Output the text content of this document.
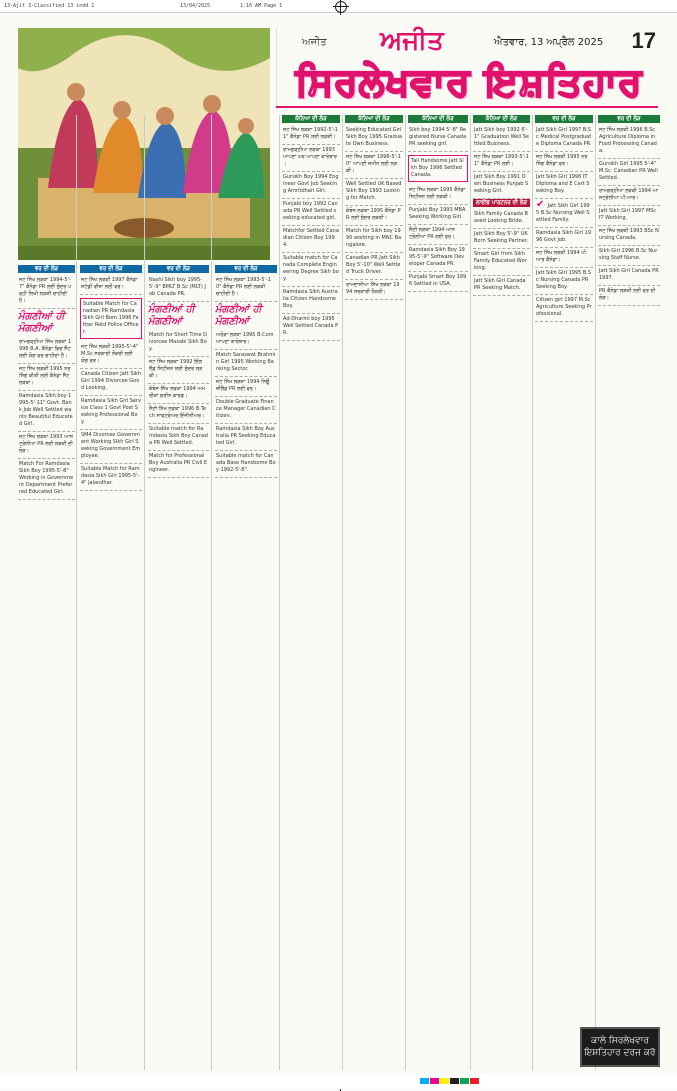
13-Ajit 3-Classified 13 indd 1	13/04/2025	1:16 AM Page 1
ਅਜੀਤ ਅਜੀਤ	ਐਤਵਾਰ, 13 ਅਪ੍ਰੈਲ 2025 17
ਸਿਰਲੇਖਵਾਰ ਇਸ਼ਤਿਹਾਰ
ਵਰ ਦੀ ਲੋੜ
ਜਟ ਸਿੱਖ ਲੜਕਾ 1994-5'-7" ਕੈਨੇਡਾ PR ਲਈ ਸੁੰਦਰ ਪੜ੍ਹੀ ਲਿਖੀ ਲੜਕੀ ਚਾਹੀਦੀ ਹੈ।
ਮੰਗਣੀਆਂ ਹੀ ਮੰਗਣੀਆਂ
ਰਾਮਗੜ੍ਹੀਆ ਸਿੱਖ ਲੜਕਾ 1996 B.A. ਕੈਨੇਡਾ ਵਿਚ ਸੈੱਟ ਲਈ ਯੋਗ ਵਰ ਚਾਹੀਦਾ ਹੈ।
ਜਟ ਸਿੱਖ ਲੜਕੀ 1995 ਨਰਸਿੰਗ ਕੀਤੀ ਲਈ ਕੈਨੇਡਾ ਸੈੱਟ ਲੜਕਾ।
Ramdasia Sikh boy 1995-5'-11" Govt. Bank Job Well Settled wants Beautiful Educated Girl.
ਜਟ ਸਿੱਖ ਲੜਕਾ 1993 ਆਸਟ੍ਰੇਲੀਆ PR ਲਈ ਲੜਕੀ ਦੀ ਲੋੜ।
Match For Ramdasia Sikh Boy 1995-5'-8" Working in Government Department Preferred Educated Girl.
ਵਰ ਦੀ ਲੋੜ
ਜਟ ਸਿੱਖ ਲੜਕੀ 1997 ਕੈਨੇਡਾ ਸਟੱਡੀ ਵੀਜ਼ਾ ਲਈ ਵਰ।
Suitable Match for Canadian PR Ramdasia Sikh Girl Born 1996 Father Retd Police Officer.
ਜਟ ਸਿੱਖ ਲੜਕੀ 1995-5'-4" M.Sc ਸਰਕਾਰੀ ਨੌਕਰੀ ਲਈ ਯੋਗ ਵਰ।
Canada Citizen Jatt Sikh Girl 1994 Divorcee Good Looking.
Ramdasia Sikh Girl Service Class 1 Govt Post Seeking Professional Boy.
SM4 Divorcee Government Working Sikh Girl Seeking Government Employee.
Suitable Match for Ramdasia Sikh Girl 1995-5'-4" Jalandhar.
ਵਰ ਦੀ ਲੋੜ
Nashi Sikh boy 1995-5'-9" BMLT B.Sc (MLT) Job Canada PR.
ਮੰਗਣੀਆਂ ਹੀ ਮੰਗਣੀਆਂ
Match for Short Time Divorcee Mazabi Sikh Boy.
ਜਟ ਸਿੱਖ ਲੜਕਾ 1992 ਇੰਗਲੈਂਡ ਸਿਟੀਜ਼ਨ ਲਈ ਸੁੰਦਰ ਲੜਕੀ।
ਕੰਬੋਜ ਸਿੱਖ ਲੜਕਾ 1994 ਅਮਰੀਕਾ ਗਰੀਨ ਕਾਰਡ।
ਸੈਣੀ ਸਿੱਖ ਲੜਕਾ 1996 B.Tech ਸਾਫਟਵੇਅਰ ਇੰਜੀਨੀਅਰ।
Suitable match for Ramdasia Sikh Boy Canada PR Well Settled.
Match for Professional Boy Australia PR Civil Engineer.
ਵਰ ਦੀ ਲੋੜ
ਜਟ ਸਿੱਖ ਲੜਕਾ 1993-5'-10" ਕੈਨੇਡਾ PR ਲਈ ਲੜਕੀ ਚਾਹੀਦੀ ਹੈ।
ਮੰਗਣੀਆਂ ਹੀ ਮੰਗਣੀਆਂ
ਅਰੋੜਾ ਲੜਕਾ 1995 B.Com ਆਪਣਾ ਕਾਰੋਬਾਰ।
Match Saraswat Brahmin Girl 1995 Working Banking Sector.
ਜਟ ਸਿੱਖ ਲੜਕਾ 1994 ਨਿਊਜ਼ੀਲੈਂਡ PR ਲਈ ਵਰ।
Double Graduate Finance Manager Canadian Citizen.
Ramdasia Sikh Boy Australia PR Seeking Educated Girl.
Suitable match for Canada Base Handsome Boy 1992-5'-8".
ਕੰਨਿਆ ਦੀ ਲੋੜ
ਜਟ ਸਿੱਖ ਲੜਕਾ 1992-5'-11" ਕੈਨੇਡਾ PR ਲਈ ਲੜਕੀ।
ਰਾਮਗੜ੍ਹੀਆ ਲੜਕਾ 1993 ਆਪਣਾ ਘਰ ਆਪਣਾ ਕਾਰੋਬਾਰ।
Gursikh Boy 1994 Engineer Govt Job Seeking Amritdhari Girl.
Punjabi boy 1992 Canada PR Well Settled seeking educated girl.
Matchfor Settled Canadian Citizen Boy 1994.
Suitable match for Canada Complete Engineering Degree Sikh boy.
Ramdasia Sikh Australia Citizen Handsome Boy.
Ad-Dharmi boy 1995 Well Settled Canada PR.
ਕੰਨਿਆ ਦੀ ਲੋੜ
Seeking Educated Girl Sikh Boy 1995 Graduate Own Business.
ਜਟ ਸਿੱਖ ਲੜਕਾ 1996-5'-10" ਆਪਣੀ ਜ਼ਮੀਨ ਲਈ ਲੜਕੀ।
Well Settled UK Based Sikh Boy 1993 Looking for Match.
ਕੰਬੋਜ ਲੜਕਾ 1995 ਕੈਨੇਡਾ PR ਲਈ ਸੁੰਦਰ ਲੜਕੀ।
Match for Sikh boy 1990 working in MNC Bangalore.
Canadian PR Jatt Sikh Boy 5'-10" Well Settled Truck Driver.
ਰਾਮਦਾਸੀਆ ਸਿੱਖ ਲੜਕਾ 1994 ਸਰਕਾਰੀ ਨੌਕਰੀ।
ਕੰਨਿਆ ਦੀ ਲੋੜ
Sikh boy 1994 5'-8" Registered Nurse Canada PR seeking girl.
Tall Handsome Jatt Sikh Boy 1996 Settled Canada.
ਜਟ ਸਿੱਖ ਲੜਕਾ 1995 ਕੈਨੇਡਾ ਸਿਟੀਜ਼ਨ ਲਈ ਲੜਕੀ।
Punjabi Boy 1993 MBA Seeking Working Girl.
ਸੈਣੀ ਲੜਕਾ 1994 ਆਸਟ੍ਰੇਲੀਆ PR ਲਈ ਵਰ।
Ramdasia Sikh Boy 1995-5'-9" Software Developer Canada PR.
Punjabi Smart Boy 1996 Settled in USA.
ਕੰਨਿਆ ਦੀ ਲੋੜ
Jatt Sikh boy 1992 6'-1" Graduation Well Settled Business.
ਜਟ ਸਿੱਖ ਲੜਕਾ 1993-5'-11" ਕੈਨੇਡਾ PR ਲਈ।
Jatt Sikh Boy 1991 Own Business Punjab Seeking Girl.
ਲਾਈਫ ਪਾਰਟਨਰ ਦੀ ਲੋੜ
Sikh Family Canada Based Looking Bride.
Jatt Sikh Boy 5'-9" UK Born Seeking Partner.
Smart Girl from Sikh Family Educated Working.
Jatt Sikh Girl Canada PR Seeking Match.
ਵਰ ਦੀ ਲੋੜ
Jatt Sikh Girl 1997 B.Sc Medical Postgraduate Diploma Canada PR.
ਜਟ ਸਿੱਖ ਲੜਕੀ 1995 ਨਰਸਿੰਗ ਕੈਨੇਡਾ ਵਰ।
Jatt Sikh Girl 1996 IT Diploma and E Cert Seeking Boy.
✔ Jatt Sikh Girl 1995 B.Sc Nursing Well Settled Family.
Ramdasia Sikh Girl 1996 Govt Job.
ਜਟ ਸਿੱਖ ਲੜਕੀ 1994 ਪੀ.ਆਰ ਕੈਨੇਡਾ।
Jatt Sikh Girl 1995 B.Sc Nursing Canada PR Seeking Boy.
Citizen girl 1997 M.Sc Agriculture Seeking Professional.
ਵਰ ਦੀ ਲੋੜ
ਜਟ ਸਿੱਖ ਲੜਕੀ 1996 B.Sc Agriculture Diploma in Food Processing Canada.
Gursikh Girl 1995 5'-4" M.Sc. Canadian PR Well Settled.
ਰਾਮਗੜ੍ਹੀਆ ਲੜਕੀ 1994 ਆਸਟ੍ਰੇਲੀਆ ਪੀ.ਆਰ।
Jatt Sikh Girl 1997 MSc IT Working.
ਜਟ ਸਿੱਖ ਲੜਕੀ 1993 BSc Nursing Canada.
Sikh Girl 1996 B.Sc Nursing Staff Nurse.
Jatt Sikh Girl Canada PR 1997.
PR ਕੈਨੇਡਾ ਲੜਕੀ ਲਈ ਵਰ ਦੀ ਲੋੜ।
ਕਾਲੇ ਸਿਰਲੇਖਵਾਰ
ਇਸ਼ਤਿਹਾਰ ਦਰਜ ਕਰੋ
